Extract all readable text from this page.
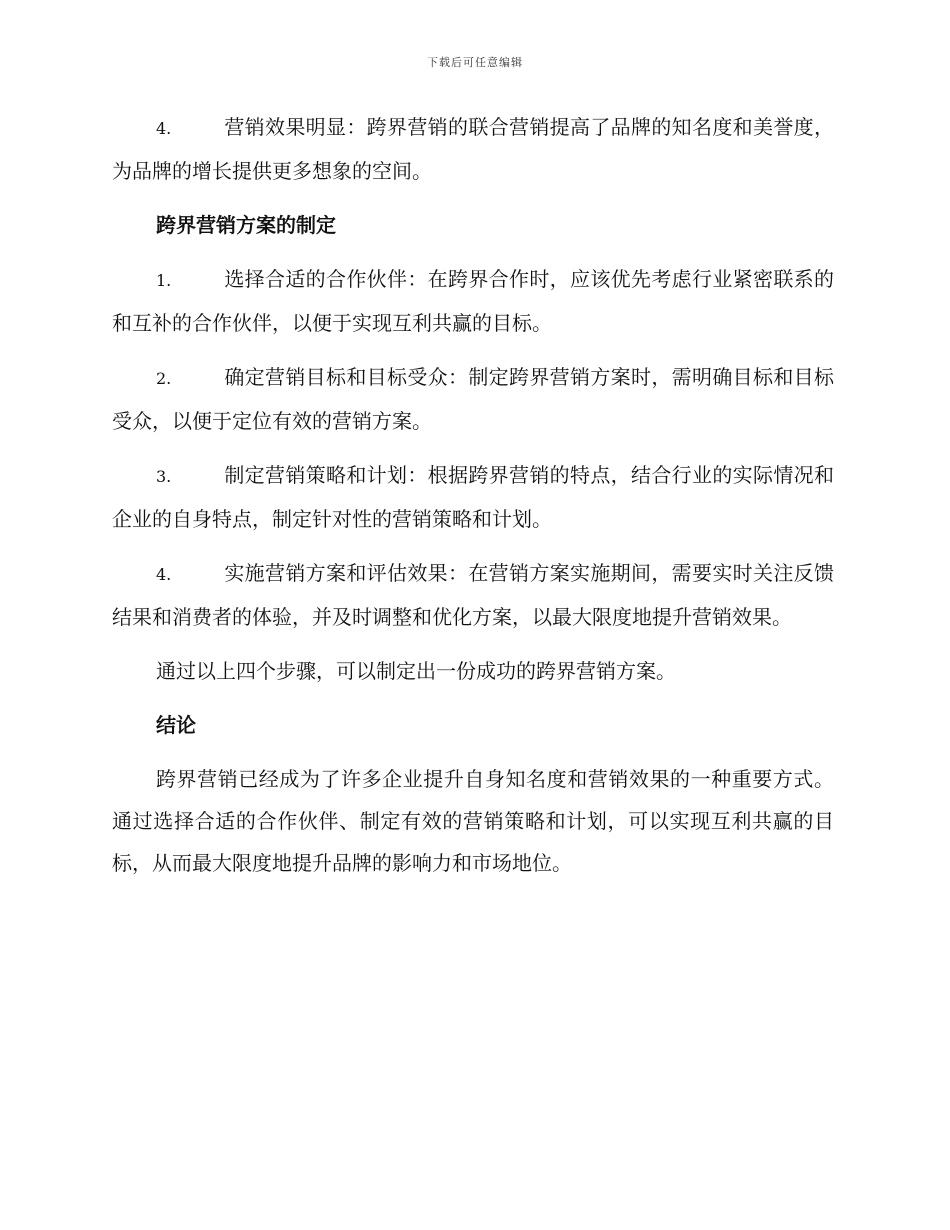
下载后可任意编辑

4.	营销效果明显：跨界营销的联合营销提高了品牌的知名度和美誉度，为品牌的增长提供更多想象的空间。

跨界营销方案的制定

1.	选择合适的合作伙伴：在跨界合作时，应该优先考虑行业紧密联系的和互补的合作伙伴，以便于实现互利共赢的目标。

2.	确定营销目标和目标受众：制定跨界营销方案时，需明确目标和目标受众，以便于定位有效的营销方案。

3.	制定营销策略和计划：根据跨界营销的特点，结合行业的实际情况和企业的自身特点，制定针对性的营销策略和计划。

4.	实施营销方案和评估效果：在营销方案实施期间，需要实时关注反馈结果和消费者的体验，并及时调整和优化方案，以最大限度地提升营销效果。

通过以上四个步骤，可以制定出一份成功的跨界营销方案。

结论

跨界营销已经成为了许多企业提升自身知名度和营销效果的一种重要方式。通过选择合适的合作伙伴、制定有效的营销策略和计划，可以实现互利共赢的目标，从而最大限度地提升品牌的影响力和市场地位。
